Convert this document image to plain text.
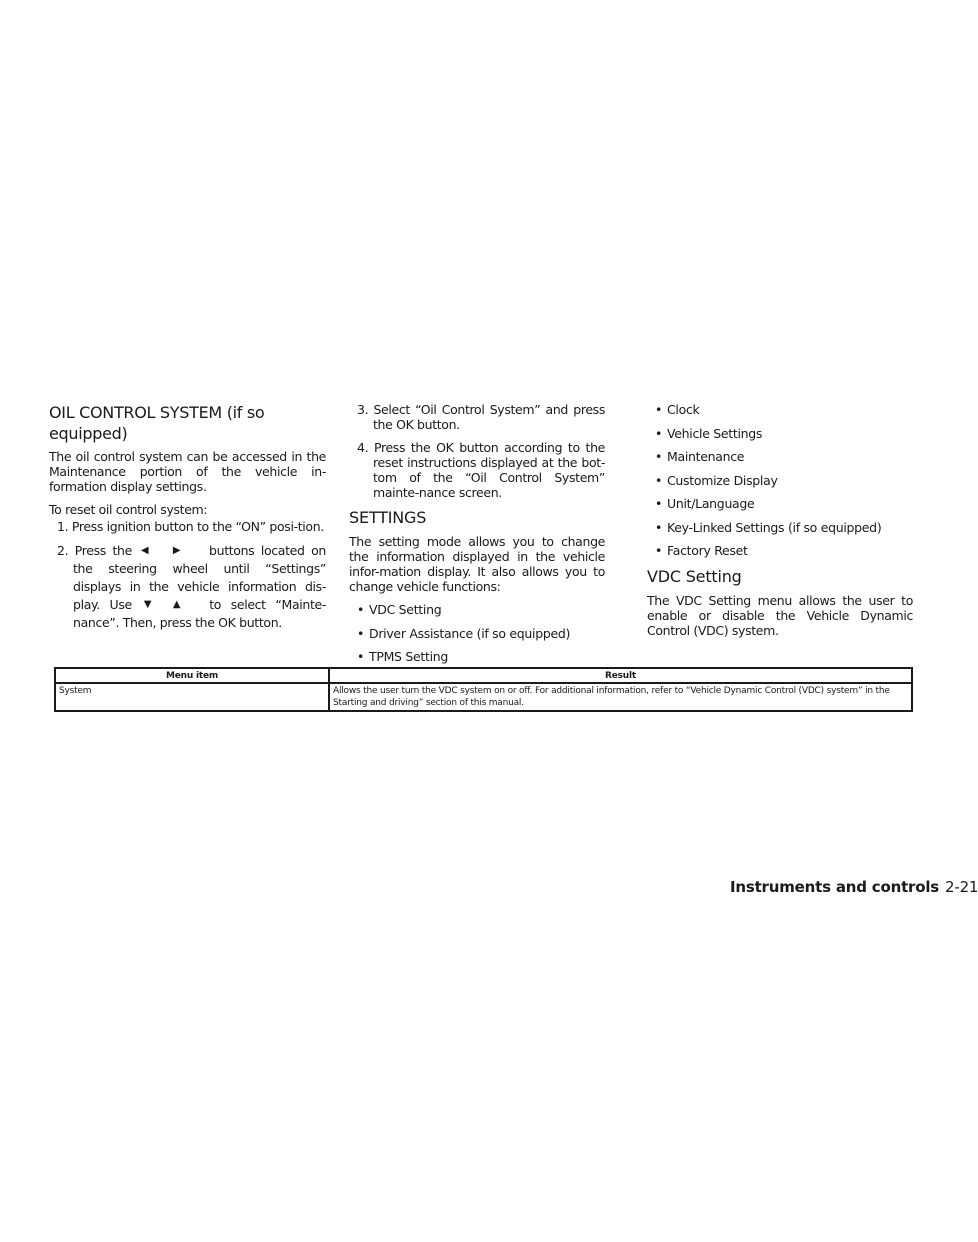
OIL CONTROL SYSTEM (if so equipped)

The oil control system can be accessed in the Maintenance portion of the vehicle in-formation display settings.

To reset oil control system:

1. Press ignition button to the “ON” posi-tion.

2. Press the ◀ ▶ buttons located on the steering wheel until “Settings” displays in the vehicle information dis-play. Use ▼ ▲ to select “Mainte-nance”. Then, press the OK button.

3. Select “Oil Control System” and press the OK button.

4. Press the OK button according to the reset instructions displayed at the bot-tom of the “Oil Control System” mainte-nance screen.

SETTINGS

The setting mode allows you to change the information displayed in the vehicle infor-mation display. It also allows you to change vehicle functions:

• VDC Setting
• Driver Assistance (if so equipped)
• TPMS Setting
• Clock
• Vehicle Settings
• Maintenance
• Customize Display
• Unit/Language
• Key-Linked Settings (if so equipped)
• Factory Reset
VDC Setting

The VDC Setting menu allows the user to enable or disable the Vehicle Dynamic Control (VDC) system.

Menu item	Result
System	Allows the user turn the VDC system on or off. For additional information, refer to “Vehicle Dynamic Control (VDC) system” in the Starting and driving” section of this manual.
Instruments and controls 2-21
